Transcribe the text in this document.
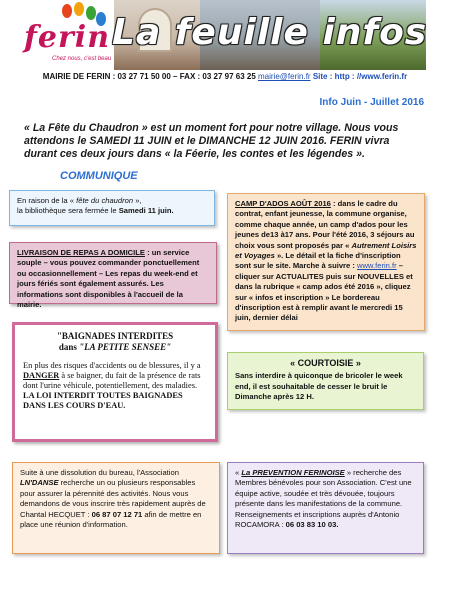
ferin
Chez nous, c'est beau
La feuille infos
MAIRIE DE FERIN : 03 27 71 50 00 – FAX : 03 27 97 63 25 mairie@ferin.fr Site : http : //www.ferin.fr
Info Juin - Juillet 2016

« La Fête du Chaudron » est un moment fort pour notre village. Nous vous attendons le SAMEDI 11 JUIN et le DIMANCHE 12 JUIN 2016. FERIN vivra durant ces deux jours dans « la Féerie, les contes et les légendes ».

COMMUNIQUE
En raison de la « fête du chaudron »,
la bibliothèque sera fermée le Samedi 11 juin.
LIVRAISON DE REPAS A DOMICILE : un service souple – vous pouvez commander ponctuellement ou occasionnellement – Les repas du week-end et jours fériés sont également assurés. Les informations sont disponibles à l'accueil de la mairie.
CAMP D'ADOS AOÛT 2016 : dans le cadre du contrat, enfant jeunesse, la commune organise, comme chaque année, un camp d'ados pour les jeunes de13 à17 ans. Pour l'été 2016, 3 séjours au choix vous sont proposés par « Autrement Loisirs et Voyages ». Le détail et la fiche d'inscription sont sur le site. Marche à suivre : www.ferin.fr – cliquer sur ACTUALITES puis sur NOUVELLES et dans la rubrique « camp ados été 2016 », cliquez sur « infos et inscription » Le bordereau d'inscription est à remplir avant le mercredi 15 juin, dernier délai
"BAIGNADES INTERDITES
dans "LA PETITE SENSEE"
En plus des risques d'accidents ou de blessures, il y a DANGER à se baigner, du fait de la présence de rats dont l'urine véhicule, potentiellement, des maladies. LA LOI INTERDIT TOUTES BAIGNADES DANS LES COURS D'EAU.
« COURTOISIE »
Sans interdire à quiconque de bricoler le week end, il est souhaitable de cesser le bruit le Dimanche après 12 H.
Suite à une dissolution du bureau, l'Association LN'DANSE recherche un ou plusieurs responsables pour assurer la pérennité des activités. Nous vous demandons de vous inscrire très rapidement auprès de Chantal HECQUET : 06 87 07 12 71 afin de mettre en place une réunion d'information.
« La PREVENTION FERINOISE » recherche des Membres bénévoles pour son Association. C'est une équipe active, soudée et très dévouée, toujours présente dans les manifestations de la commune. Renseignements et inscriptions auprès d'Antonio ROCAMORA : 06 03 83 10 03.
